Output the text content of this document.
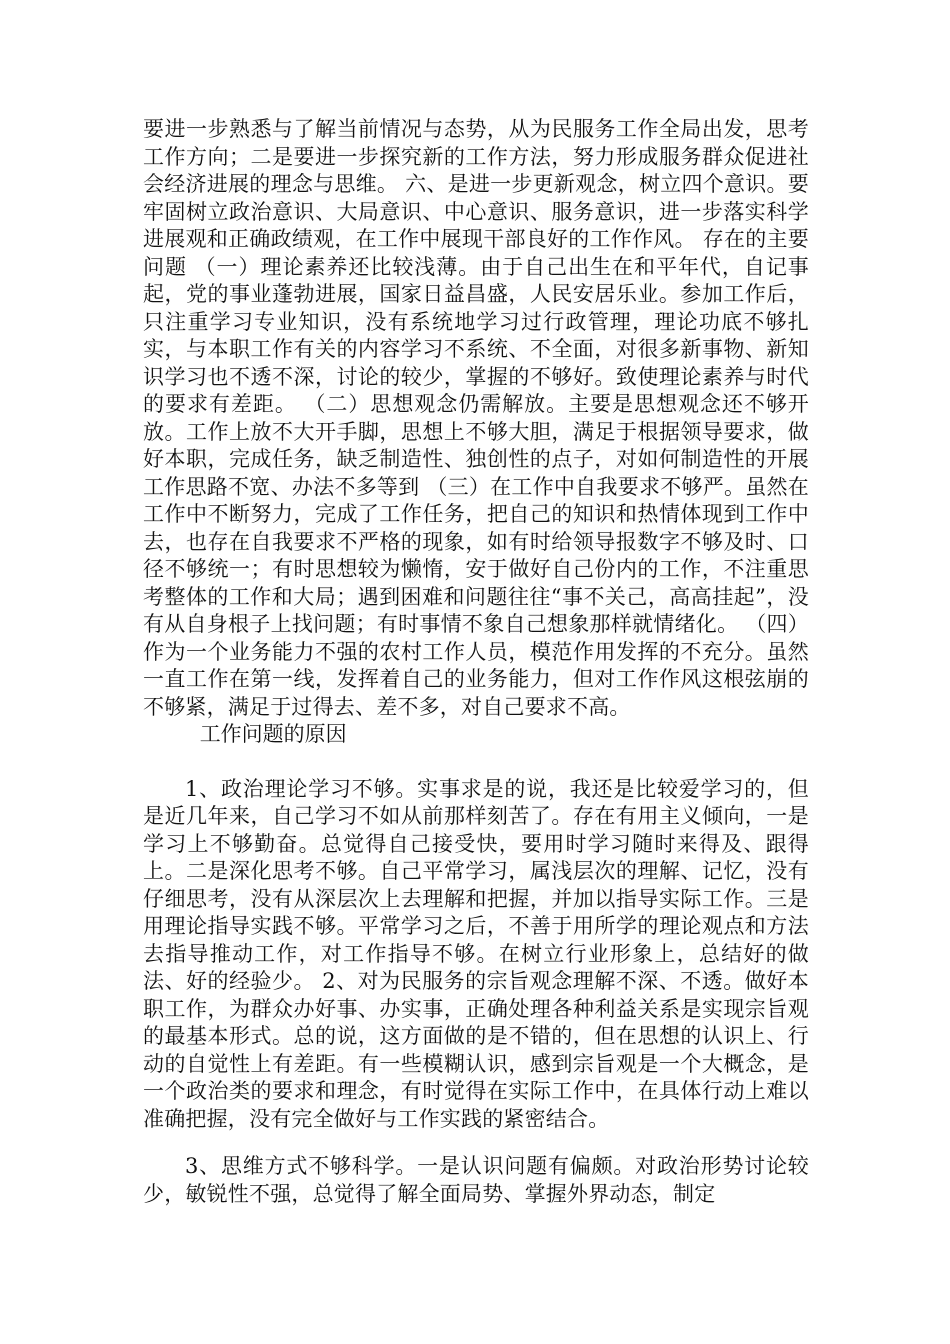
要进一步熟悉与了解当前情况与态势，从为民服务工作全局出发，思考工作方向；二是要进一步探究新的工作方法，努力形成服务群众促进社会经济进展的理念与思维。 六、是进一步更新观念，树立四个意识。要牢固树立政治意识、大局意识、中心意识、服务意识，进一步落实科学进展观和正确政绩观，在工作中展现干部良好的工作作风。 存在的主要问题 （一）理论素养还比较浅薄。由于自己出生在和平年代，自记事起，党的事业蓬勃进展，国家日益昌盛，人民安居乐业。参加工作后，只注重学习专业知识，没有系统地学习过行政管理，理论功底不够扎实，与本职工作有关的内容学习不系统、不全面，对很多新事物、新知识学习也不透不深，讨论的较少，掌握的不够好。致使理论素养与时代的要求有差距。 （二）思想观念仍需解放。主要是思想观念还不够开放。工作上放不大开手脚，思想上不够大胆，满足于根据领导要求，做好本职，完成任务，缺乏制造性、独创性的点子，对如何制造性的开展工作思路不宽、办法不多等到 （三）在工作中自我要求不够严。虽然在工作中不断努力，完成了工作任务，把自己的知识和热情体现到工作中去，也存在自我要求不严格的现象，如有时给领导报数字不够及时、口径不够统一；有时思想较为懒惰，安于做好自己份内的工作，不注重思考整体的工作和大局；遇到困难和问题往往“事不关己，高高挂起”，没有从自身根子上找问题；有时事情不象自己想象那样就情绪化。 （四）作为一个业务能力不强的农村工作人员，模范作用发挥的不充分。虽然一直工作在第一线，发挥着自己的业务能力，但对工作作风这根弦崩的不够紧，满足于过得去、差不多，对自己要求不高。

工作问题的原因

1、政治理论学习不够。实事求是的说，我还是比较爱学习的，但是近几年来，自己学习不如从前那样刻苦了。存在有用主义倾向，一是学习上不够勤奋。总觉得自己接受快，要用时学习随时来得及、跟得上。二是深化思考不够。自己平常学习，属浅层次的理解、记忆，没有仔细思考，没有从深层次上去理解和把握，并加以指导实际工作。三是用理论指导实践不够。平常学习之后，不善于用所学的理论观点和方法去指导推动工作，对工作指导不够。在树立行业形象上，总结好的做法、好的经验少。 2、对为民服务的宗旨观念理解不深、不透。做好本职工作，为群众办好事、办实事，正确处理各种利益关系是实现宗旨观的最基本形式。总的说，这方面做的是不错的，但在思想的认识上、行动的自觉性上有差距。有一些模糊认识，感到宗旨观是一个大概念，是一个政治类的要求和理念，有时觉得在实际工作中，在具体行动上难以准确把握，没有完全做好与工作实践的紧密结合。

3、思维方式不够科学。一是认识问题有偏颇。对政治形势讨论较少，敏锐性不强，总觉得了解全面局势、掌握外界动态，制定
